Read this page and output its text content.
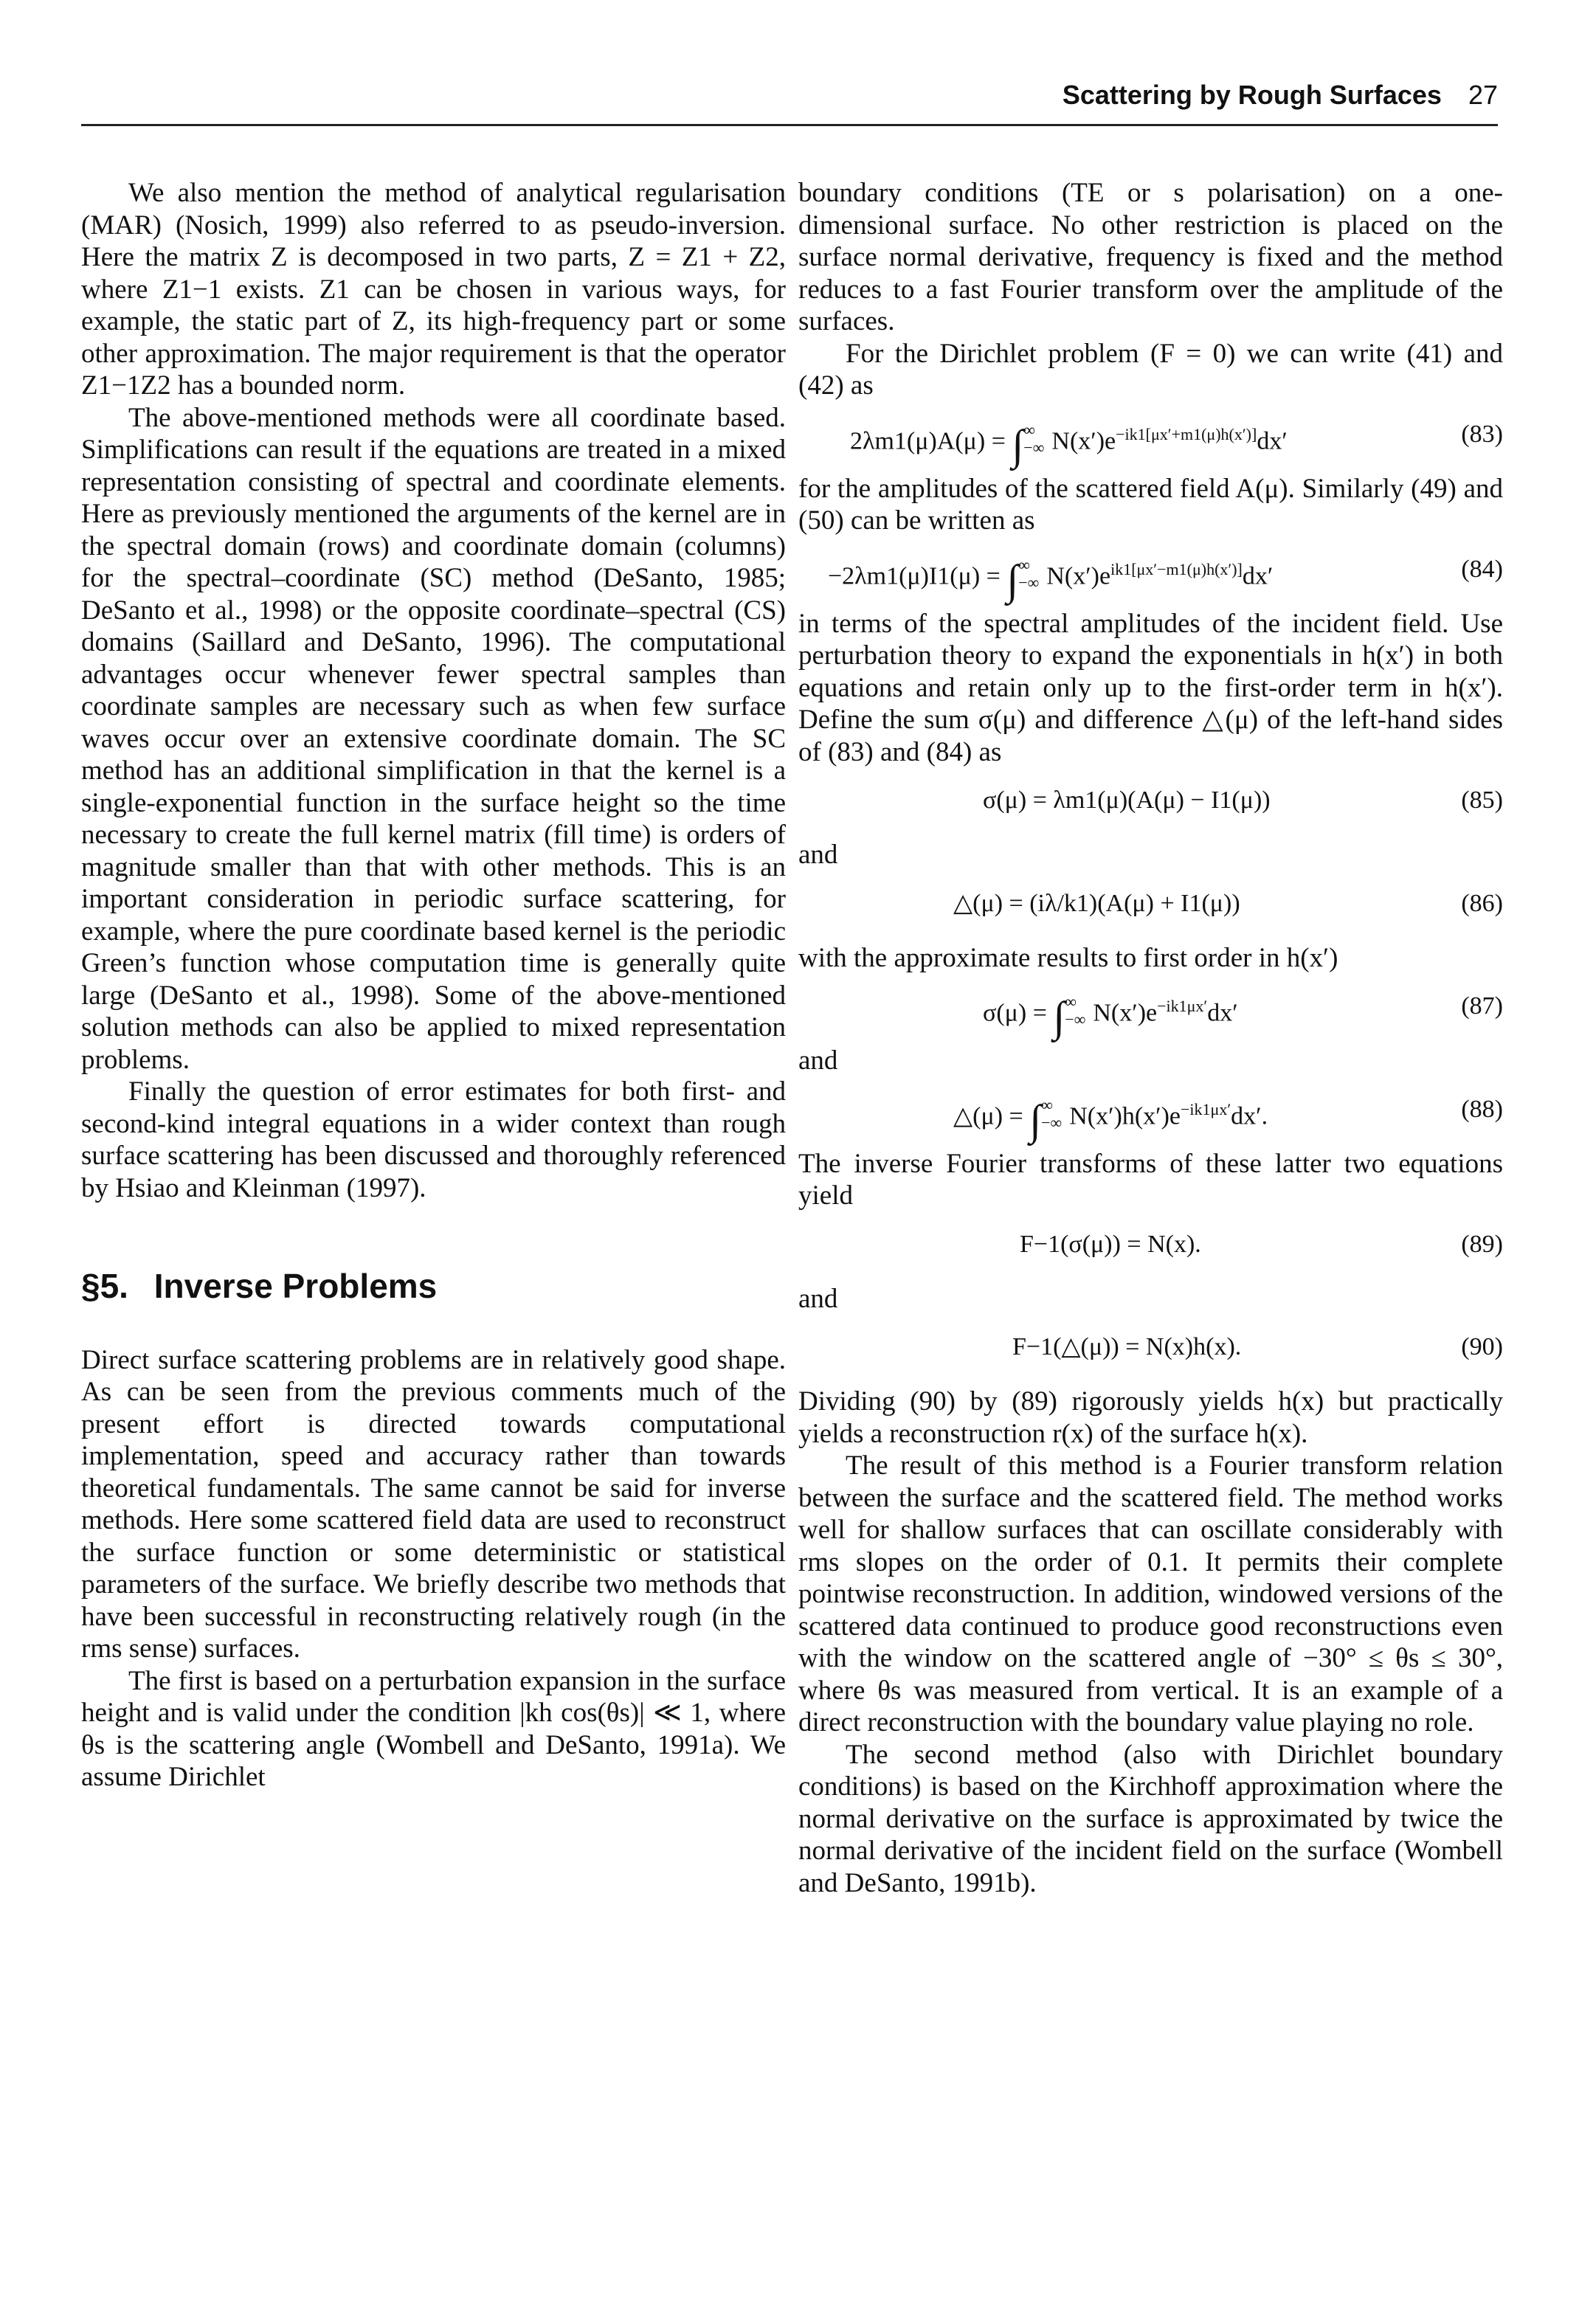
Scattering by Rough Surfaces 27

We also mention the method of analytical regularisation (MAR) (Nosich, 1999) also referred to as pseudo-inversion. Here the matrix Z is decomposed in two parts, Z = Z1 + Z2, where Z1−1 exists. Z1 can be chosen in various ways, for example, the static part of Z, its high-frequency part or some other approximation. The major requirement is that the operator Z1−1Z2 has a bounded norm.

The above-mentioned methods were all coordinate based. Simplifications can result if the equations are treated in a mixed representation consisting of spectral and coordinate elements. Here as previously mentioned the arguments of the kernel are in the spectral domain (rows) and coordinate domain (columns) for the spectral–coordinate (SC) method (DeSanto, 1985; DeSanto et al., 1998) or the opposite coordinate–spectral (CS) domains (Saillard and DeSanto, 1996). The computational advantages occur whenever fewer spectral samples than coordinate samples are necessary such as when few surface waves occur over an extensive coordinate domain. The SC method has an additional simplification in that the kernel is a single-exponential function in the surface height so the time necessary to create the full kernel matrix (fill time) is orders of magnitude smaller than that with other methods. This is an important consideration in periodic surface scattering, for example, where the pure coordinate based kernel is the periodic Green’s function whose computation time is generally quite large (DeSanto et al., 1998). Some of the above-mentioned solution methods can also be applied to mixed representation problems.

Finally the question of error estimates for both first- and second-kind integral equations in a wider context than rough surface scattering has been discussed and thoroughly referenced by Hsiao and Kleinman (1997).

§5. Inverse Problems

Direct surface scattering problems are in relatively good shape. As can be seen from the previous comments much of the present effort is directed towards computational implementation, speed and accuracy rather than towards theoretical fundamentals. The same cannot be said for inverse methods. Here some scattered field data are used to reconstruct the surface function or some deterministic or statistical parameters of the surface. We briefly describe two methods that have been successful in reconstructing relatively rough (in the rms sense) surfaces.

The first is based on a perturbation expansion in the surface height and is valid under the condition |kh cos(θs)| ≪ 1, where θs is the scattering angle (Wombell and DeSanto, 1991a). We assume Dirichlet

boundary conditions (TE or s polarisation) on a one-dimensional surface. No other restriction is placed on the surface normal derivative, frequency is fixed and the method reduces to a fast Fourier transform over the amplitude of the surfaces.

For the Dirichlet problem (F = 0) we can write (41) and (42) as

2λm1(μ)A(μ) = ∫ ∞
−∞ $N(x')e^{-ik1[\mu x'+m1(\mu)h(x')]}dx'$	(83)

for the amplitudes of the scattered field A(μ). Similarly (49) and (50) can be written as

−2λm1(μ)I1(μ) = ∫ ∞
−∞ $N(x')e^{ik1[\mu x'-m1(\mu)h(x')]}dx'$	(84)

in terms of the spectral amplitudes of the incident field. Use perturbation theory to expand the exponentials in h(x′) in both equations and retain only up to the first-order term in h(x′). Define the sum σ(μ) and difference △(μ) of the left-hand sides of (83) and (84) as

σ(μ) = λm1(μ)(A(μ) − I1(μ))	(85)

and

△(μ) = (iλ/k1)(A(μ) + I1(μ))	(86)

with the approximate results to first order in h(x′)

σ(μ) = ∫ ∞
−∞ $N(x')e^{-ik1\mu x'}dx'$	(87)

and

△(μ) = ∫ ∞
−∞ $N(x')h(x')e^{-ik1\mu x'}dx'$.	(88)

The inverse Fourier transforms of these latter two equations yield

F−1(σ(μ)) = N(x).	(89)

and

F−1(△(μ)) = N(x)h(x).	(90)

Dividing (90) by (89) rigorously yields h(x) but practically yields a reconstruction r(x) of the surface h(x).

The result of this method is a Fourier transform relation between the surface and the scattered field. The method works well for shallow surfaces that can oscillate considerably with rms slopes on the order of 0.1. It permits their complete pointwise reconstruction. In addition, windowed versions of the scattered data continued to produce good reconstructions even with the window on the scattered angle of −30° ≤ θs ≤ 30°, where θs was measured from vertical. It is an example of a direct reconstruction with the boundary value playing no role.

The second method (also with Dirichlet boundary conditions) is based on the Kirchhoff approximation where the normal derivative on the surface is approximated by twice the normal derivative of the incident field on the surface (Wombell and DeSanto, 1991b).
